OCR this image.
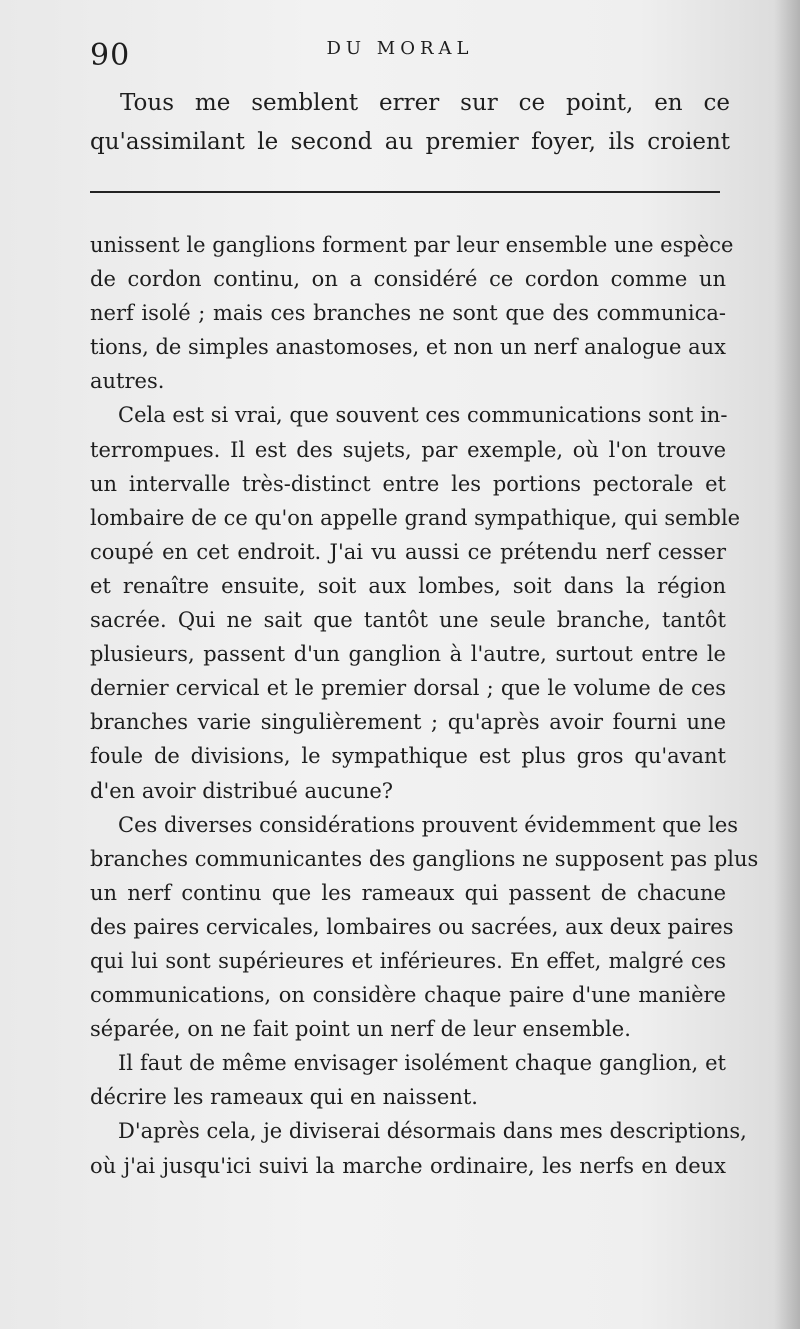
90	DU MORAL
Tous me semblent errer sur ce point, en ce
qu'assimilant le second au premier foyer, ils croient
unissent le ganglions forment par leur ensemble une espèce
de cordon continu, on a considéré ce cordon comme un
nerf isolé ; mais ces branches ne sont que des communica-
tions, de simples anastomoses, et non un nerf analogue aux
autres.
Cela est si vrai, que souvent ces communications sont in-
terrompues. Il est des sujets, par exemple, où l'on trouve
un intervalle très-distinct entre les portions pectorale et
lombaire de ce qu'on appelle grand sympathique, qui semble
coupé en cet endroit. J'ai vu aussi ce prétendu nerf cesser
et renaître ensuite, soit aux lombes, soit dans la région
sacrée. Qui ne sait que tantôt une seule branche, tantôt
plusieurs, passent d'un ganglion à l'autre, surtout entre le
dernier cervical et le premier dorsal ; que le volume de ces
branches varie singulièrement ; qu'après avoir fourni une
foule de divisions, le sympathique est plus gros qu'avant
d'en avoir distribué aucune?
Ces diverses considérations prouvent évidemment que les
branches communicantes des ganglions ne supposent pas plus
un nerf continu que les rameaux qui passent de chacune
des paires cervicales, lombaires ou sacrées, aux deux paires
qui lui sont supérieures et inférieures. En effet, malgré ces
communications, on considère chaque paire d'une manière
séparée, on ne fait point un nerf de leur ensemble.
Il faut de même envisager isolément chaque ganglion, et
décrire les rameaux qui en naissent.
D'après cela, je diviserai désormais dans mes descriptions,
où j'ai jusqu'ici suivi la marche ordinaire, les nerfs en deux
